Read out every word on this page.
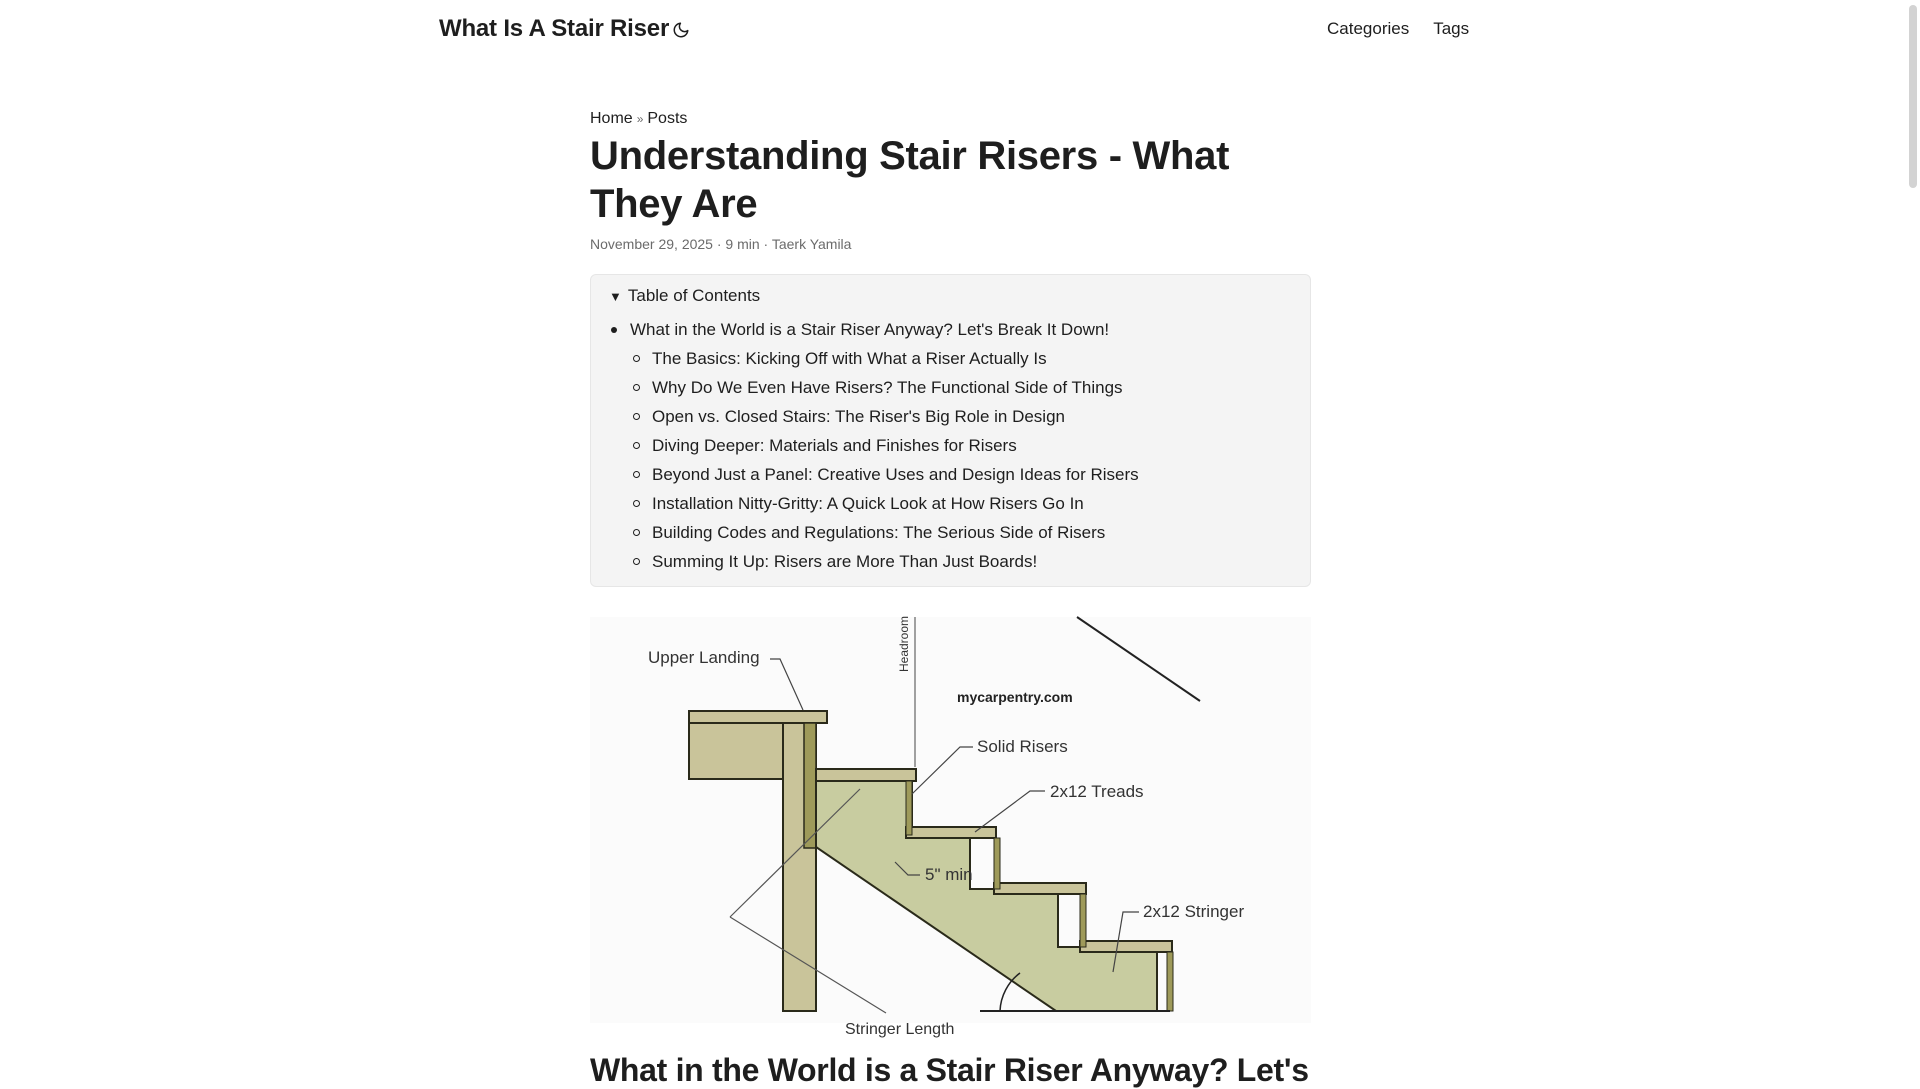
What Is A Stair Riser	Categories Tags
Home » Posts
Understanding Stair Risers - What They Are
November 29, 2025 · 9 min · Taerk Yamila
▼ Table of Contents
What in the World is a Stair Riser Anyway? Let's Break It Down!
The Basics: Kicking Off with What a Riser Actually Is
Why Do We Even Have Risers? The Functional Side of Things
Open vs. Closed Stairs: The Riser's Big Role in Design
Diving Deeper: Materials and Finishes for Risers
Beyond Just a Panel: Creative Uses and Design Ideas for Risers
Installation Nitty-Gritty: A Quick Look at How Risers Go In
Building Codes and Regulations: The Serious Side of Risers
Summing It Up: Risers are More Than Just Boards!
Headroom
Upper Landing
mycarpentry.com
Solid Risers
2x12 Treads
5" min
2x12 Stringer
Stringer Length
What in the World is a Stair Riser Anyway? Let's
